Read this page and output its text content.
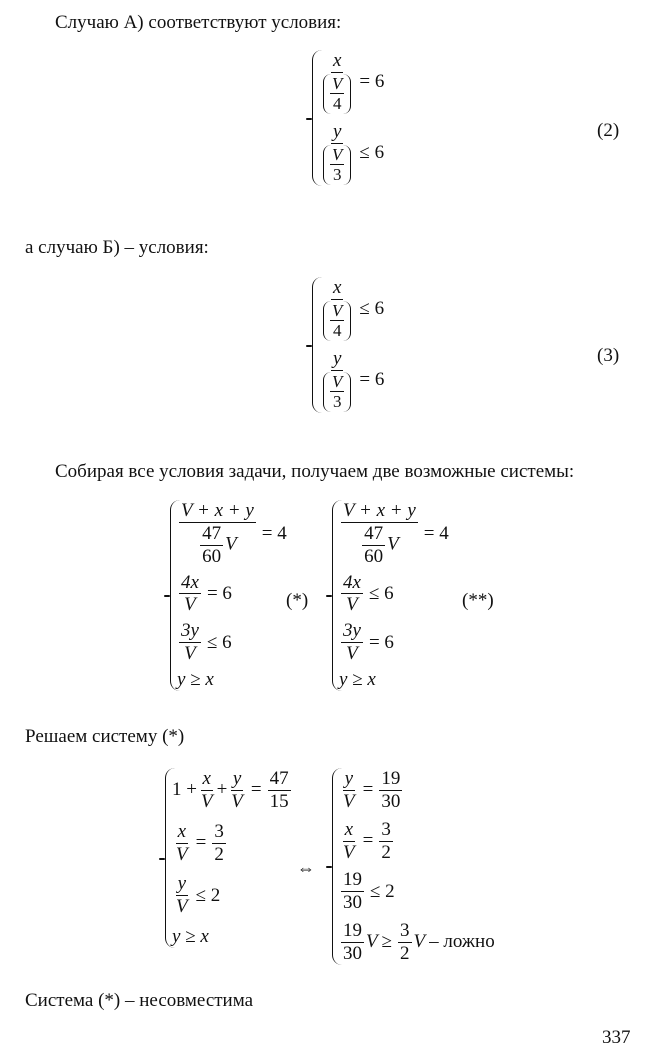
Случаю А) соответствуют условия:
$\frac{x}{\frac{V}{4}} = 6$
$\frac{y}{\frac{V}{3}} \le 6$
(2)
а случаю Б) – условия:
$\frac{x}{\frac{V}{4}} \le 6$
$\frac{y}{\frac{V}{3}} = 6$
(3)
Собирая все условия задачи, получаем две возможные системы:
$\frac{V + x + y}{\frac{47}{60} V} = 4$
$\frac{4x}{V} = 6$
$\frac{3y}{V} \le 6$
y ≥ x
(*)
$\frac{V + x + y}{\frac{47}{60} V} = 4$
$\frac{4x}{V} \le 6$
$\frac{3y}{V} = 6$
y ≥ x
(**)
Решаем систему (*)
$1 + \frac{x}{V} + \frac{y}{V} = \frac{47}{15}$
$\frac{x}{V} = \frac{3}{2}$
$\frac{y}{V} \le 2$
y ≥ x
⇔
$\frac{y}{V} = \frac{19}{30}$
$\frac{x}{V} = \frac{3}{2}$
$\frac{19}{30} \le 2$
$\frac{19}{30}$ $V \ge \frac{3}{2}$ V – ложно
Система (*) – несовместима
337
